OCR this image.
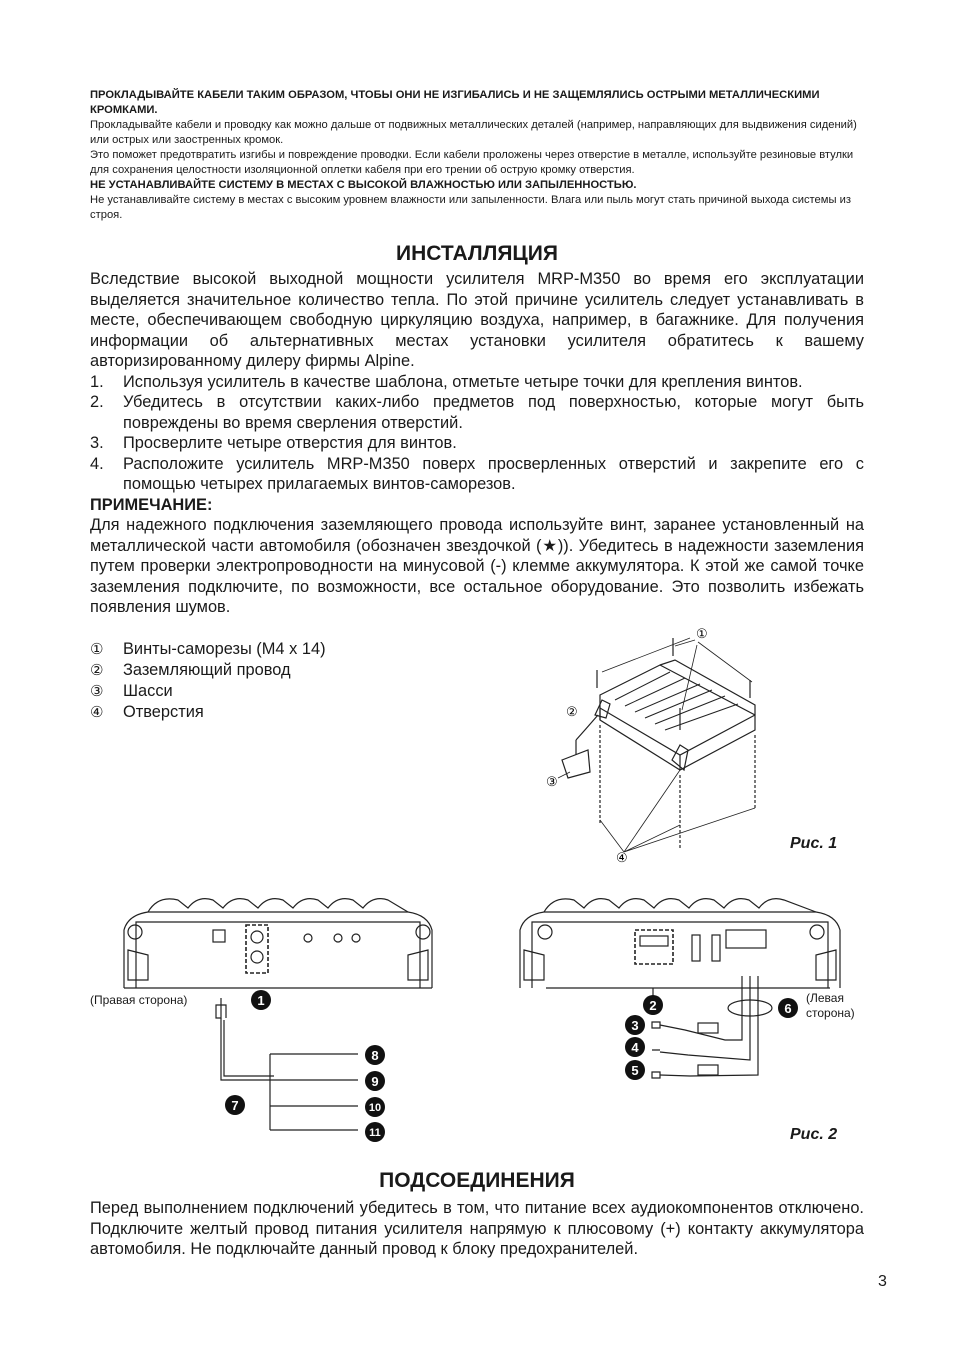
ПРОКЛАДЫВАЙТЕ КАБЕЛИ ТАКИМ ОБРАЗОМ, ЧТОБЫ ОНИ НЕ ИЗГИБАЛИСЬ И НЕ ЗАЩЕМЛЯЛИСЬ ОСТРЫМИ МЕТАЛЛИЧЕСКИМИ КРОМКАМИ.
Прокладывайте кабели и проводку как можно дальше от подвижных металлических деталей (например, направляющих для выдвижения сидений) или острых или заостренных кромок.
Это поможет предотвратить изгибы и повреждение проводки. Если кабели проложены через отверстие в металле, используйте резиновые втулки для сохранения целостности изоляционной оплетки кабеля при его трении об острую кромку отверстия.
НЕ УСТАНАВЛИВАЙТЕ СИСТЕМУ В МЕСТАХ С ВЫСОКОЙ ВЛАЖНОСТЬЮ ИЛИ ЗАПЫЛЕННОСТЬЮ.
Не устанавливайте систему в местах с высоким уровнем влажности или запыленности. Влага или пыль могут стать причиной выхода системы из строя.
ИНСТАЛЛЯЦИЯ

Вследствие высокой выходной мощности усилителя MRP-M350 во время его эксплуатации выделяется значительное количество тепла. По этой причине усилитель следует устанавливать в месте, обеспечивающем свободную циркуляцию воздуха, например, в багажнике. Для получения информации об альтернативных местах установки усилителя обратитесь к вашему авторизированному дилеру фирмы Alpine.

1. Используя усилитель в качестве шаблона, отметьте четыре точки для крепления винтов.
2. Убедитесь в отсутствии каких-либо предметов под поверхностью, которые могут быть повреждены во время сверления отверстий.
3. Просверлите четыре отверстия для винтов.
4. Расположите усилитель MRP-M350 поверх просверленных отверстий и закрепите его с помощью четырех прилагаемых винтов-саморезов.

ПРИМЕЧАНИЕ:

Для надежного подключения заземляющего провода используйте винт, заранее установленный на металлической части автомобиля (обозначен звездочкой (★)). Убедитесь в надежности заземления путем проверки электропроводности на минусовой (-) клемме аккумулятора. К этой же самой точке заземления подключите, по возможности, все остальное оборудование. Это позволить избежать появления шумов.

①	Винты-саморезы (M4 x 14)
②	Заземляющий провод
③	Шасси
④	Отверстия
①
②
③
④
Рис. 1
1
7
8
9
10
11
(Правая сторона)	2
3
4
5
6
(Левая
сторона)
Рис. 2
ПОДСОЕДИНЕНИЯ
Перед выполнением подключений убедитесь в том, что питание всех аудиокомпонентов отключено. Подключите желтый провод питания усилителя напрямую к плюсовому (+) контакту аккумулятора автомобиля. Не подключайте данный провод к блоку предохранителей.
3
